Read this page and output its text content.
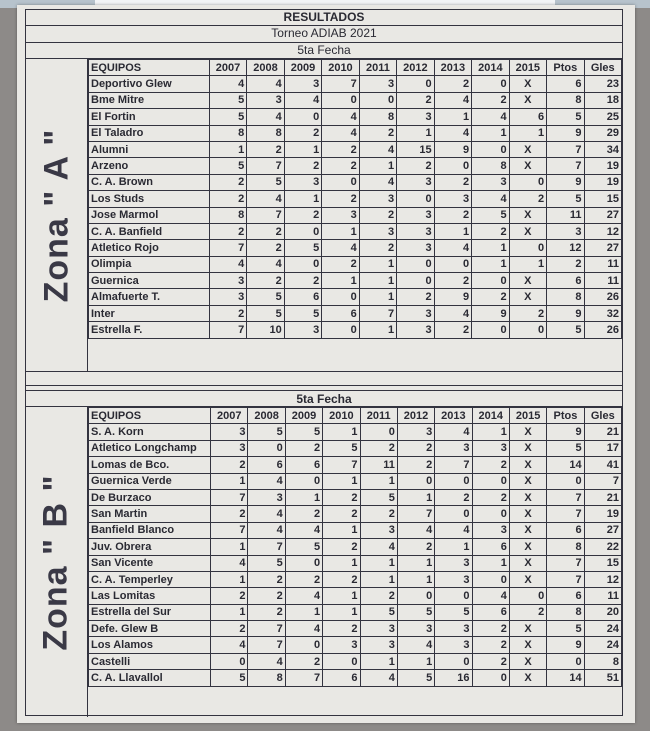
RESULTADOS
Torneo ADIAB 2021
5ta Fecha
Zona " A "
EQUIPOS	2007	2008	2009	2010	2011	2012	2013	2014	2015	Ptos	Gles
Deportivo Glew	4	4	3	7	3	0	2	0	X	6	23
Bme Mitre	5	3	4	0	0	2	4	2	X	8	18
El Fortin	5	4	0	4	8	3	1	4	6	5	25
El Taladro	8	8	2	4	2	1	4	1	1	9	29
Alumni	1	2	1	2	4	15	9	0	X	7	34
Arzeno	5	7	2	2	1	2	0	8	X	7	19
C. A. Brown	2	5	3	0	4	3	2	3	0	9	19
Los Studs	2	4	1	2	3	0	3	4	2	5	15
Jose Marmol	8	7	2	3	2	3	2	5	X	11	27
C. A. Banfield	2	2	0	1	3	3	1	2	X	3	12
Atletico Rojo	7	2	5	4	2	3	4	1	0	12	27
Olimpia	4	4	0	2	1	0	0	1	1	2	11
Guernica	3	2	2	1	1	0	2	0	X	6	11
Almafuerte T.	3	5	6	0	1	2	9	2	X	8	26
Inter	2	5	5	6	7	3	4	9	2	9	32
Estrella F.	7	10	3	0	1	3	2	0	0	5	26
5ta Fecha
Zona " B "
EQUIPOS	2007	2008	2009	2010	2011	2012	2013	2014	2015	Ptos	Gles
S. A. Korn	3	5	5	1	0	3	4	1	X	9	21
Atletico Longchamp	3	0	2	5	2	2	3	3	X	5	17
Lomas de Bco.	2	6	6	7	11	2	7	2	X	14	41
Guernica Verde	1	4	0	1	1	0	0	0	X	0	7
De Burzaco	7	3	1	2	5	1	2	2	X	7	21
San Martin	2	4	2	2	2	7	0	0	X	7	19
Banfield Blanco	7	4	4	1	3	4	4	3	X	6	27
Juv. Obrera	1	7	5	2	4	2	1	6	X	8	22
San Vicente	4	5	0	1	1	1	3	1	X	7	15
C. A. Temperley	1	2	2	2	1	1	3	0	X	7	12
Las Lomitas	2	2	4	1	2	0	0	4	0	6	11
Estrella del Sur	1	2	1	1	5	5	5	6	2	8	20
Defe. Glew B	2	7	4	2	3	3	3	2	X	5	24
Los Alamos	4	7	0	3	3	4	3	2	X	9	24
Castelli	0	4	2	0	1	1	0	2	X	0	8
C. A. Llavallol	5	8	7	6	4	5	16	0	X	14	51
